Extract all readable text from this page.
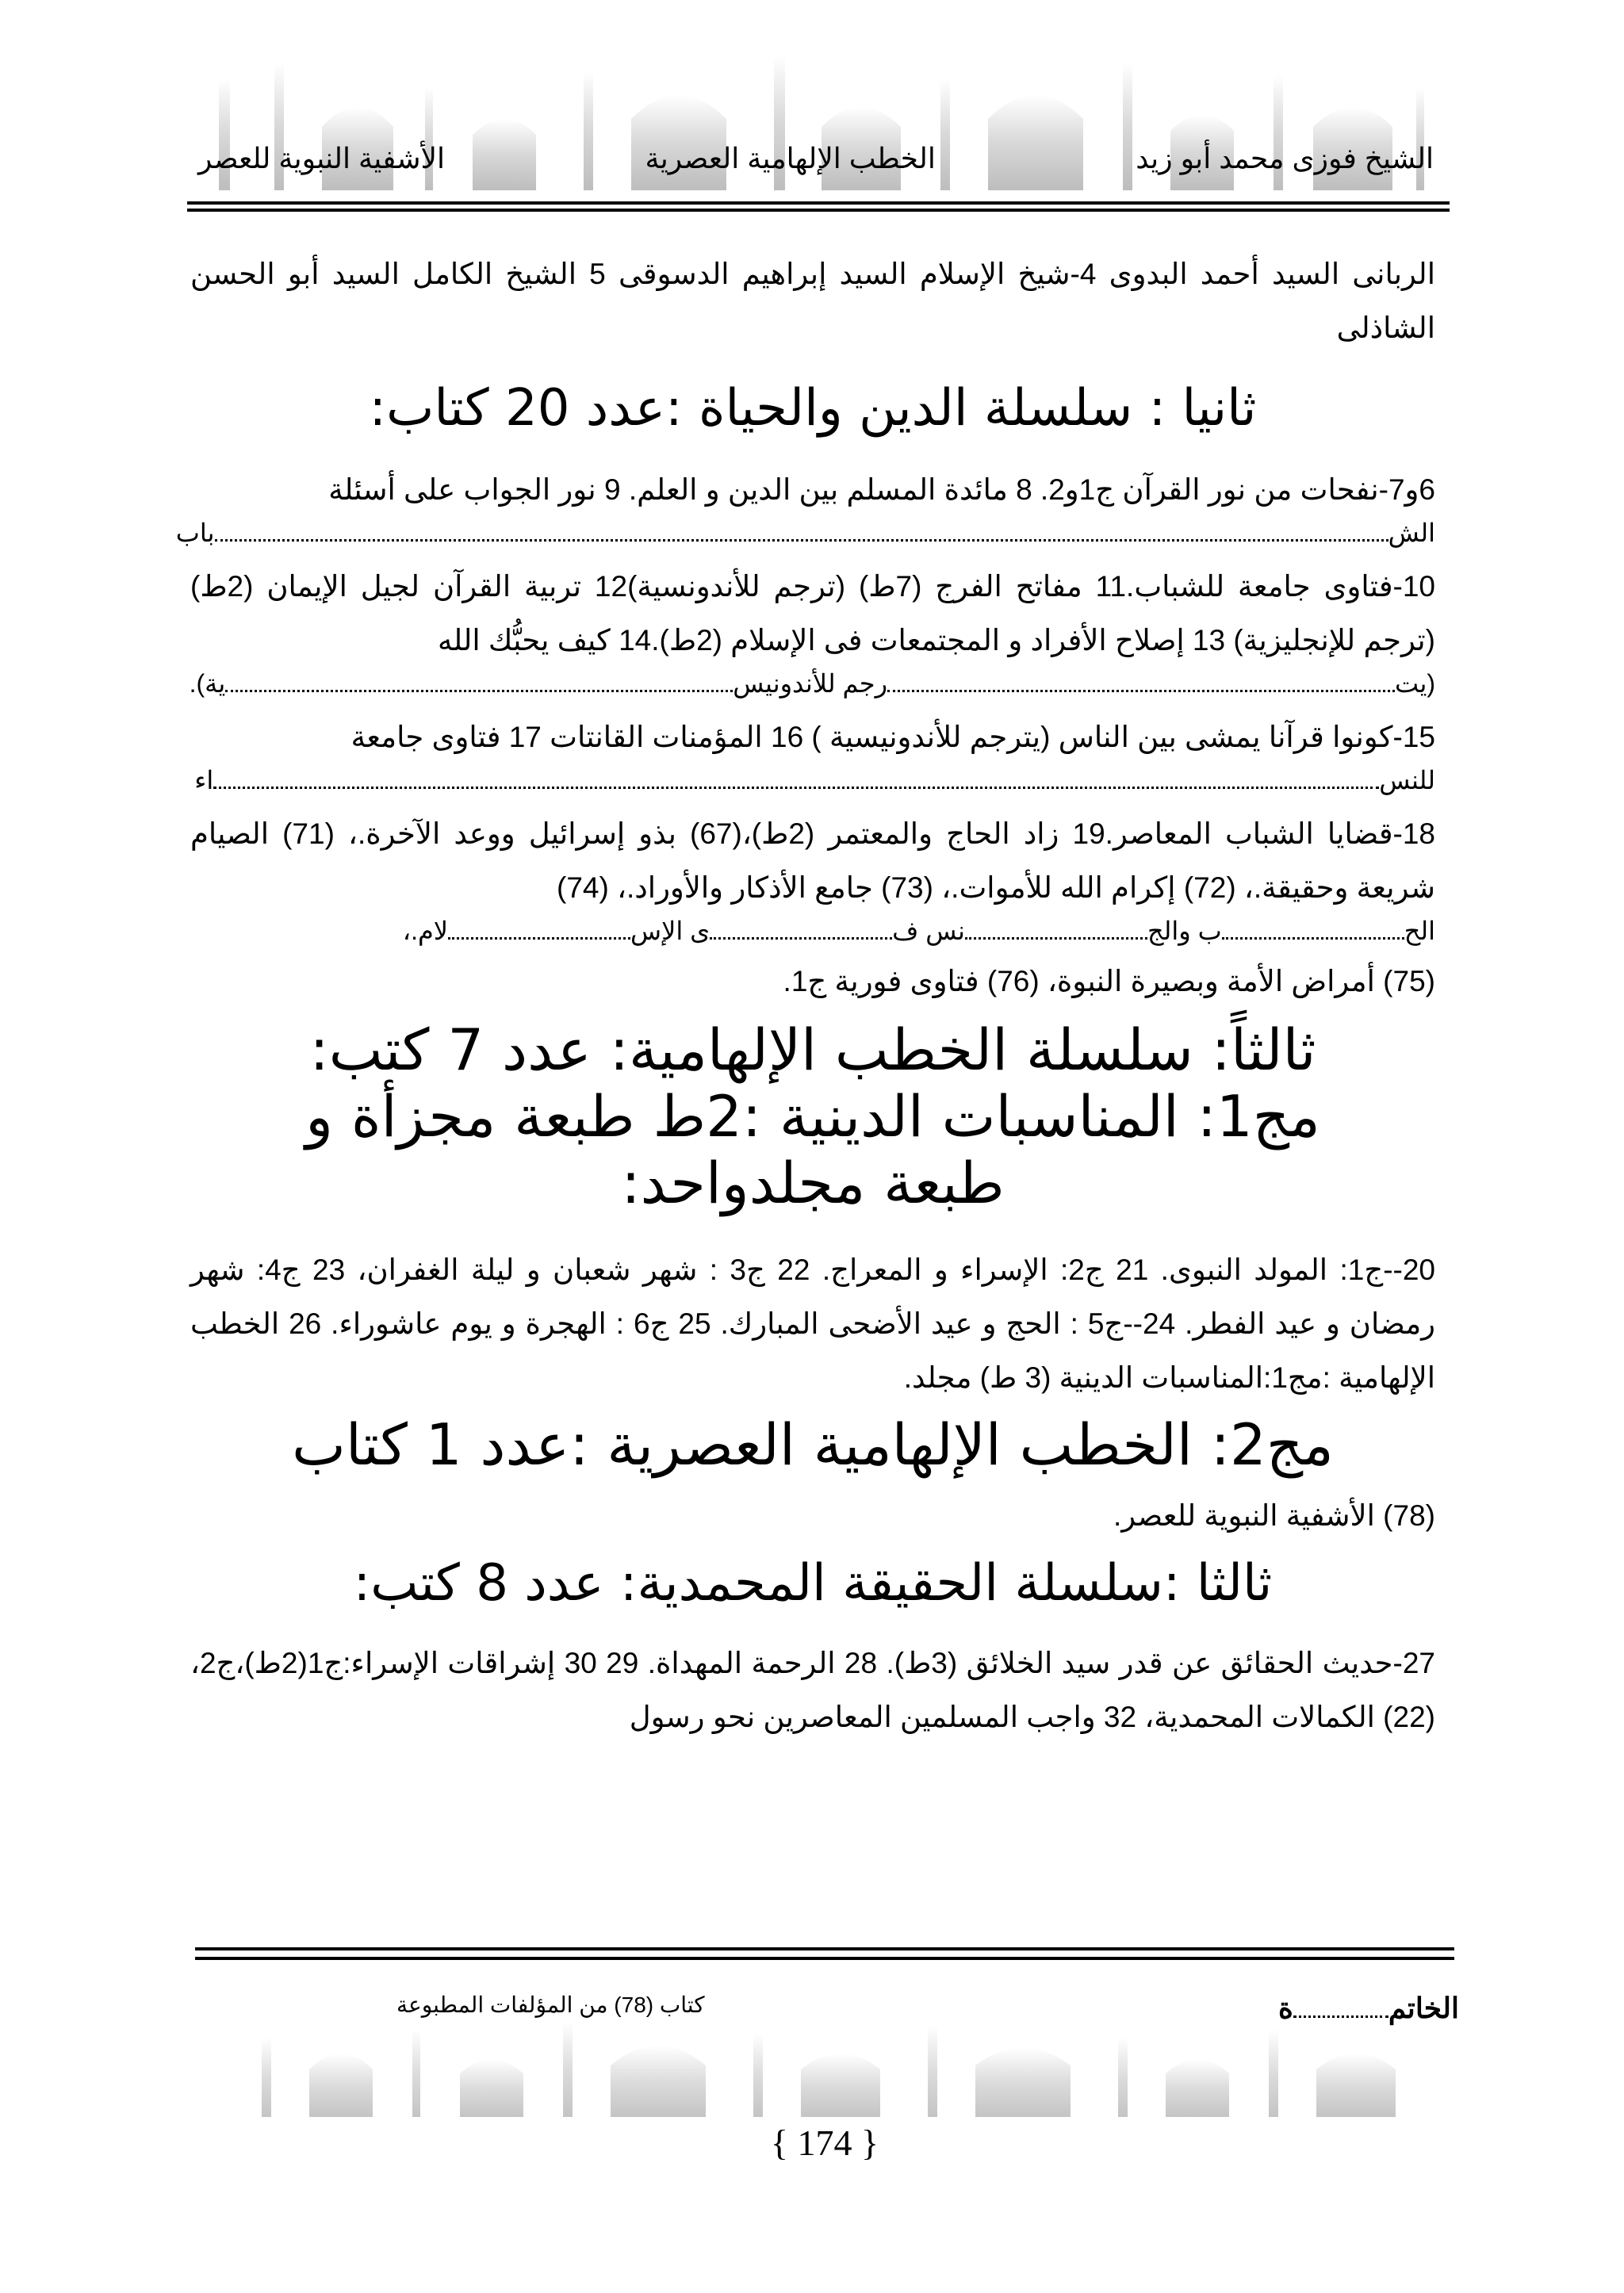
الشيخ فوزى محمد أبو زيد
الخطب الإلهامية العصرية
الأشفية النبوية للعصر
الربانى السيد أحمد البدوى 4-شيخ الإسلام السيد إبراهيم الدسوقى 5 الشيخ الكامل السيد أبو الحسن الشاذلى
ثانيا : سلسلة الدين والحياة :عدد 20 كتاب:
6و7-نفحات من نور القرآن ج1و2. 8 مائدة المسلم بين الدين و العلم. 9 نور الجواب على أسئلة
الشباب
10-فتاوى جامعة للشباب.11 مفاتح الفرج (7ط) (ترجم للأندونسية)12 تربية القرآن لجيل الإيمان (2ط) (ترجم للإنجليزية) 13 إصلاح الأفراد و المجتمعات فى الإسلام (2ط).14 كيف يحبُّك الله
(يترجم للأندونيسية).
15-كونوا قرآنا يمشى بين الناس (يترجم للأندونيسية ) 16 المؤمنات القانتات 17 فتاوى جامعة
للنساء
18-قضايا الشباب المعاصر.19 زاد الحاج والمعتمر (2ط)،(67) بذو إسرائيل ووعد الآخرة.، (71) الصيام شريعة وحقيقة.، (72) إكرام الله للأموات.، (73) جامع الأذكار والأوراد.، (74)
الحب والجنس فى الإسلام.،
(75) أمراض الأمة وبصيرة النبوة، (76) فتاوى فورية ج1.
ثالثاً: سلسلة الخطب الإلهامية: عدد 7 كتب:
مج1: المناسبات الدينية :2ط طبعة مجزأة و طبعة مجلدواحد:
20--ج1: المولد النبوى. 21 ج2: الإسراء و المعراج. 22 ج3 : شهر شعبان و ليلة الغفران، 23 ج4: شهر رمضان و عيد الفطر. 24--ج5 : الحج و عيد الأضحى المبارك. 25 ج6 : الهجرة و يوم عاشوراء. 26 الخطب الإلهامية :مج1:المناسبات الدينية (3 ط) مجلد.
مج2: الخطب الإلهامية العصرية :عدد 1 كتاب
(78) الأشفية النبوية للعصر.
ثالثا :سلسلة الحقيقة المحمدية: عدد 8 كتب:
27-حديث الحقائق عن قدر سيد الخلائق (3ط). 28 الرحمة المهداة. 29 30 إشراقات الإسراء:ج1(2ط)،ج2، (22) الكمالات المحمدية، 32 واجب المسلمين المعاصرين نحو رسول
الخاتمة
كتاب (78) من المؤلفات المطبوعة
{ 174 }
